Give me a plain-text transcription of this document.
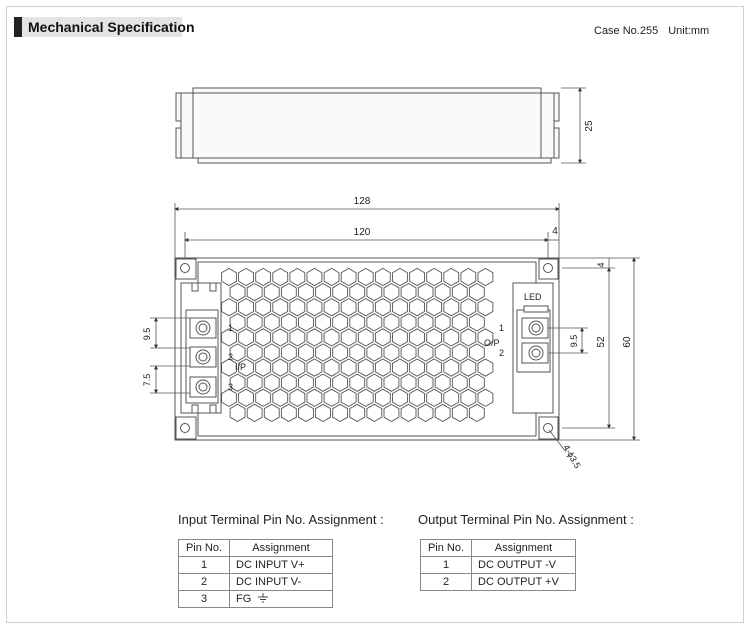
Mechanical Specification	Case No.255 Unit:mm
25
128
120	4
1
2
3
I/P
1
2
O/P
LED
9.5
7.5
9.5
4
52 60
4-ϕ3.5
Input Terminal Pin No. Assignment :
Pin No.	Assignment
1	DC INPUT V+
2	DC INPUT V-
3	FG
Output Terminal Pin No. Assignment :
Pin No.	Assignment
1	DC OUTPUT -V
2	DC OUTPUT +V
